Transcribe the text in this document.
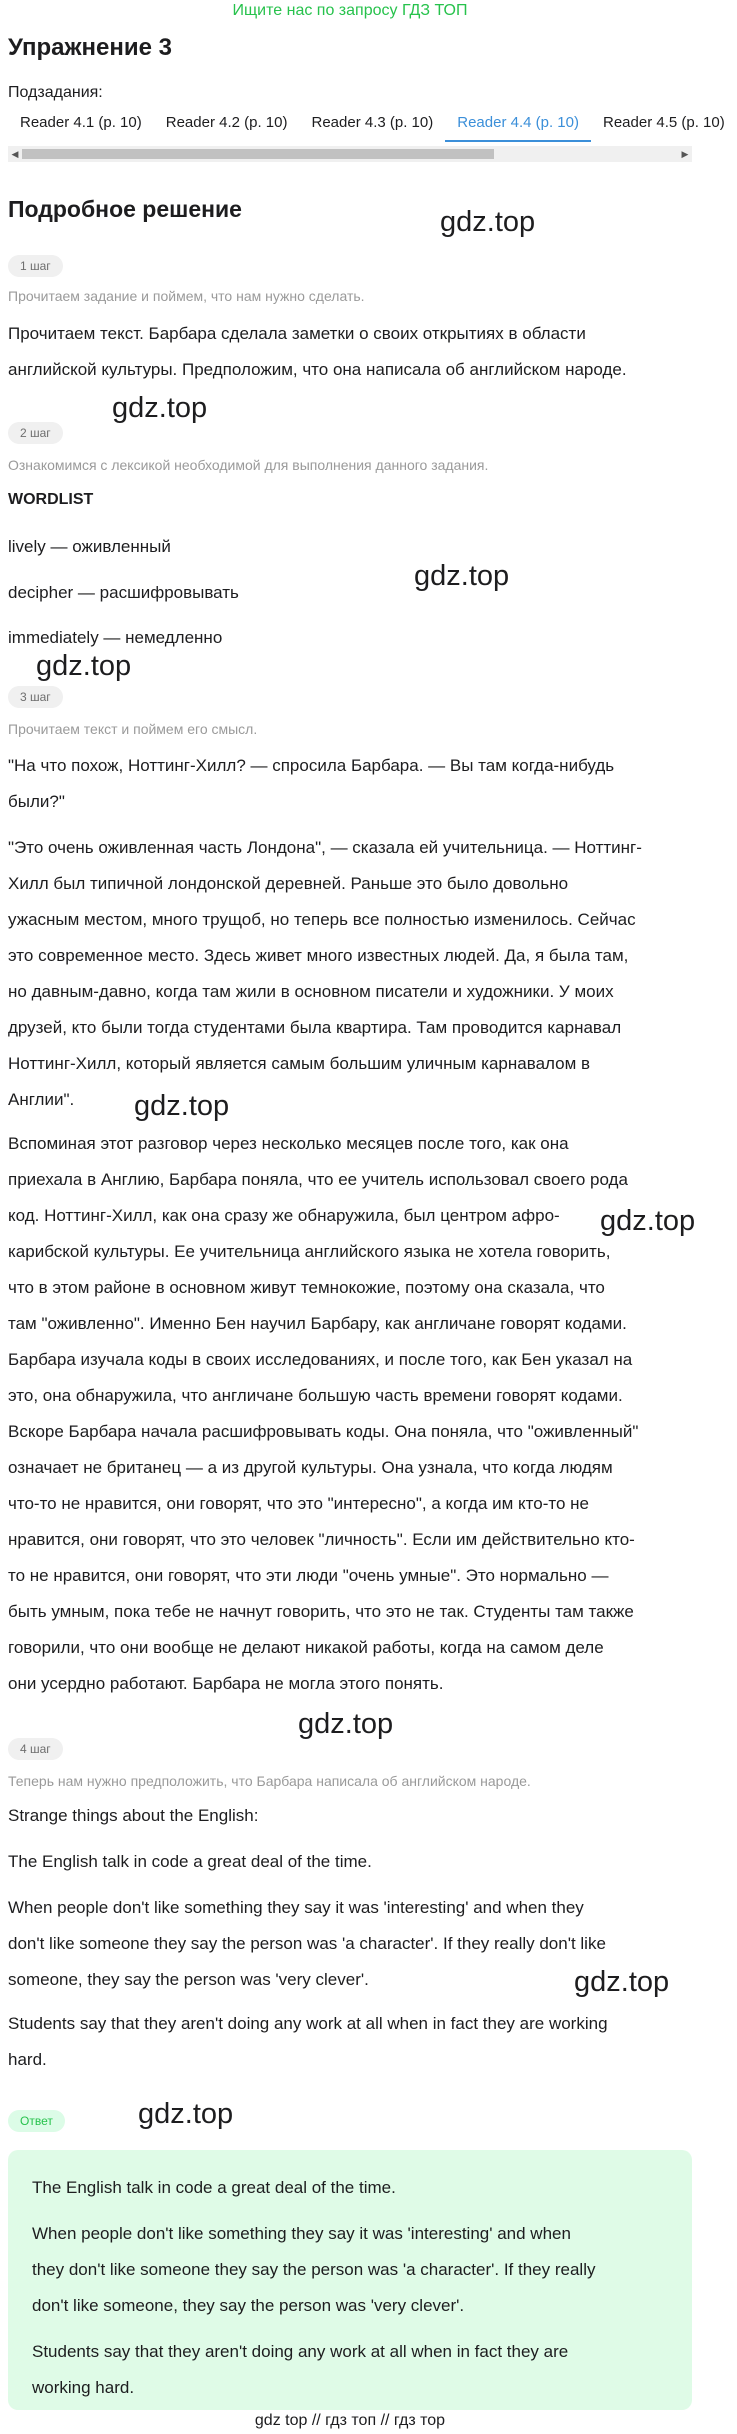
Ищите нас по запросу ГДЗ ТОП
Упражнение 3
Подзадания:
Reader 4.1 (p. 10) Reader 4.2 (p. 10) Reader 4.3 (p. 10) Reader 4.4 (p. 10) Reader 4.5 (p. 10)
◀	▶
Подробное решение	gdz.top
gdz.top
gdz.top
gdz.top
gdz.top
gdz.top
gdz.top
gdz.top
gdz.top
1 шаг
Прочитаем задание и поймем, что нам нужно сделать.
Прочитаем текст. Барбара сделала заметки о своих открытиях в области
английской культуры. Предположим, что она написала об английском народе.
2 шаг
Ознакомимся с лексикой необходимой для выполнения данного задания.
WORDLIST
lively — оживленный
decipher — расшифровывать
immediately — немедленно
3 шаг
Прочитаем текст и поймем его смысл.
"На что похож, Ноттинг-Хилл? — спросила Барбара. — Вы там когда-нибудь
были?"
"Это очень оживленная часть Лондона", — сказала ей учительница. — Ноттинг-
Хилл был типичной лондонской деревней. Раньше это было довольно
ужасным местом, много трущоб, но теперь все полностью изменилось. Сейчас
это современное место. Здесь живет много известных людей. Да, я была там,
но давным-давно, когда там жили в основном писатели и художники. У моих
друзей, кто были тогда студентами была квартира. Там проводится карнавал
Ноттинг-Хилл, который является самым большим уличным карнавалом в
Англии".
Вспоминая этот разговор через несколько месяцев после того, как она
приехала в Англию, Барбара поняла, что ее учитель использовал своего рода
код. Ноттинг-Хилл, как она сразу же обнаружила, был центром афро-
карибской культуры. Ее учительница английского языка не хотела говорить,
что в этом районе в основном живут темнокожие, поэтому она сказала, что
там "оживленно". Именно Бен научил Барбару, как англичане говорят кодами.
Барбара изучала коды в своих исследованиях, и после того, как Бен указал на
это, она обнаружила, что англичане большую часть времени говорят кодами.
Вскоре Барбара начала расшифровывать коды. Она поняла, что "оживленный"
означает не британец — а из другой культуры. Она узнала, что когда людям
что-то не нравится, они говорят, что это "интересно", а когда им кто-то не
нравится, они говорят, что это человек "личность". Если им действительно кто-
то не нравится, они говорят, что эти люди "очень умные". Это нормально —
быть умным, пока тебе не начнут говорить, что это не так. Студенты там также
говорили, что они вообще не делают никакой работы, когда на самом деле
они усердно работают. Барбара не могла этого понять.
4 шаг
Теперь нам нужно предположить, что Барбара написала об английском народе.
Strange things about the English:
The English talk in code a great deal of the time.
When people don't like something they say it was 'interesting' and when they
don't like someone they say the person was 'a character'. If they really don't like
someone, they say the person was 'very clever'.
Students say that they aren't doing any work at all when in fact they are working
hard.
Ответ
The English talk in code a great deal of the time.
When people don't like something they say it was 'interesting' and when
they don't like someone they say the person was 'a character'. If they really
don't like someone, they say the person was 'very clever'.
Students say that they aren't doing any work at all when in fact they are
working hard.
gdz top // гдз топ // гдз тор
